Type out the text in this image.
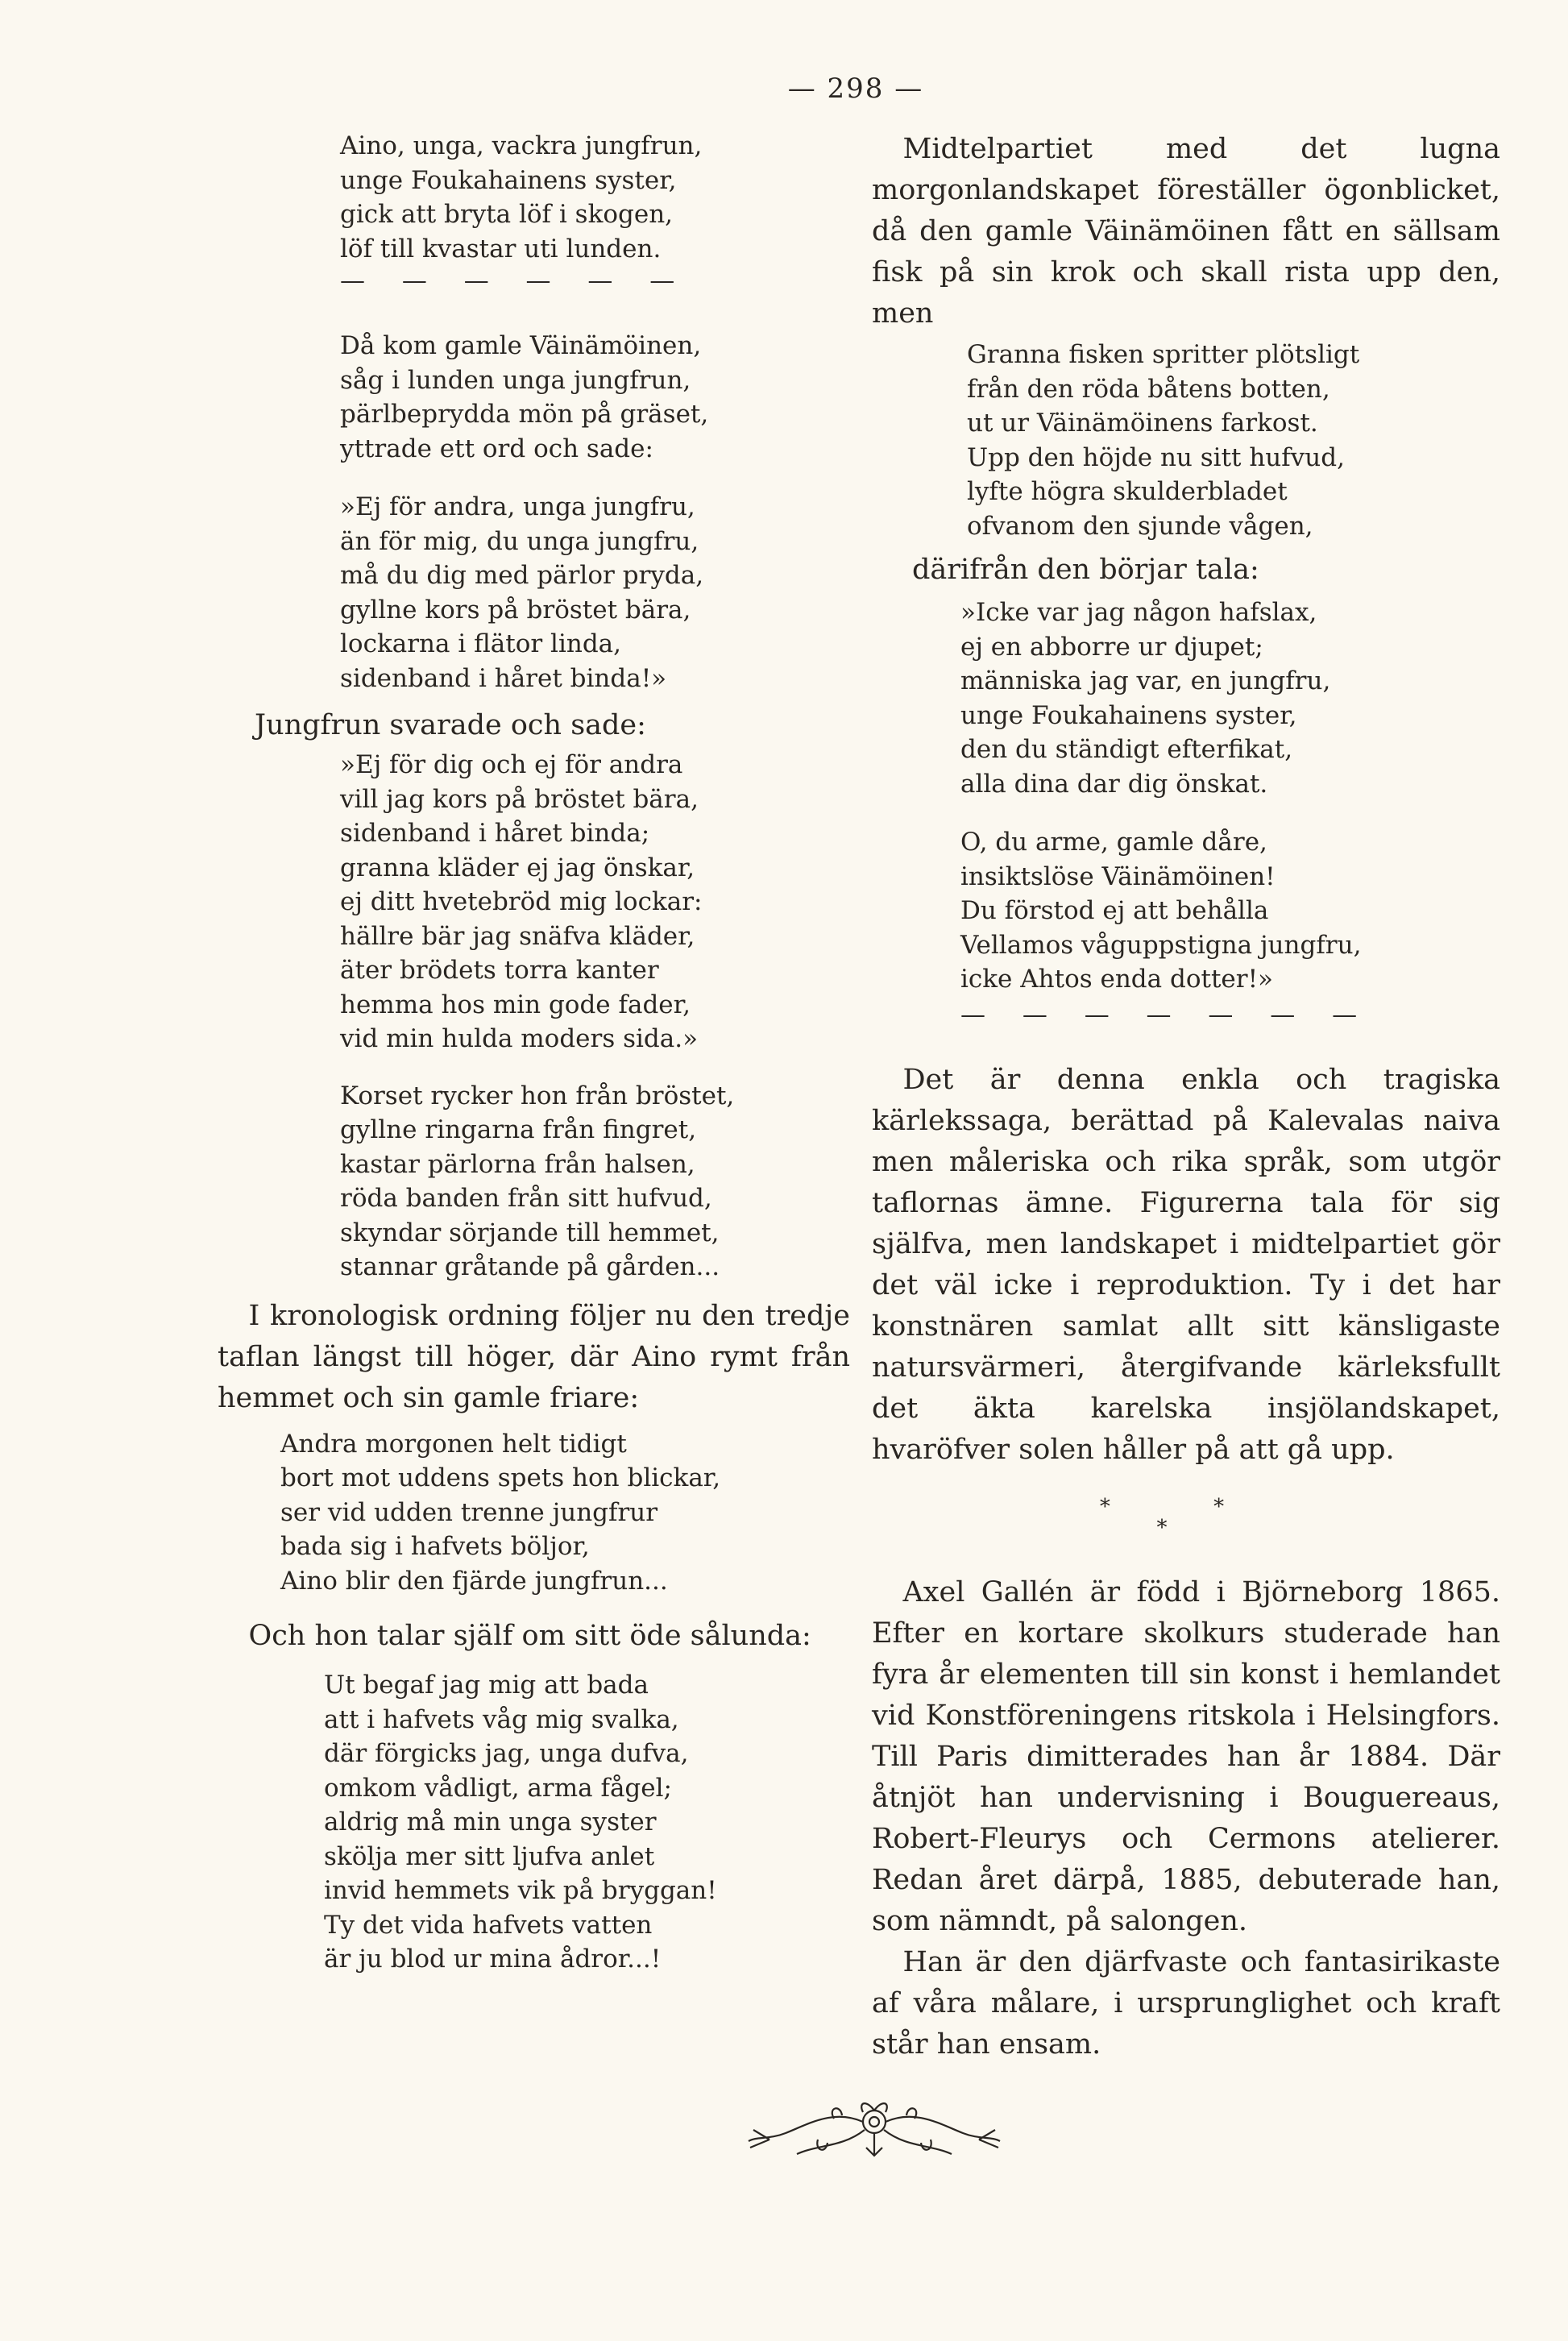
— 298 —
Aino, unga, vackra jungfrun,
unge Foukahainens syster,
gick att bryta löf i skogen,
löf till kvastar uti lunden.
— — — — — —
Då kom gamle Väinämöinen,
såg i lunden unga jungfrun,
pärlbeprydda mön på gräset,
yttrade ett ord och sade:
»Ej för andra, unga jungfru,
än för mig, du unga jungfru,
må du dig med pärlor pryda,
gyllne kors på bröstet bära,
lockarna i flätor linda,
sidenband i håret binda!»

Jungfrun svarade och sade:

»Ej för dig och ej för andra
vill jag kors på bröstet bära,
sidenband i håret binda;
granna kläder ej jag önskar,
ej ditt hvetebröd mig lockar:
hällre bär jag snäfva kläder,
äter brödets torra kanter
hemma hos min gode fader,
vid min hulda moders sida.»
Korset rycker hon från bröstet,
gyllne ringarna från fingret,
kastar pärlorna från halsen,
röda banden från sitt hufvud,
skyndar sörjande till hemmet,
stannar gråtande på gården...

I kronologisk ordning följer nu den tredje taflan längst till höger, där Aino rymt från hemmet och sin gamle friare:

Andra morgonen helt tidigt
bort mot uddens spets hon blickar,
ser vid udden trenne jungfrur
bada sig i hafvets böljor,
Aino blir den fjärde jungfrun...

Och hon talar själf om sitt öde sålunda:

Ut begaf jag mig att bada
att i hafvets våg mig svalka,
där förgicks jag, unga dufva,
omkom vådligt, arma fågel;
aldrig må min unga syster
skölja mer sitt ljufva anlet
invid hemmets vik på bryggan!
Ty det vida hafvets vatten
är ju blod ur mina ådror...!

Midtelpartiet med det lugna morgonlandskapet föreställer ögonblicket, då den gamle Väinämöinen fått en sällsam fisk på sin krok och skall rista upp den, men

Granna fisken spritter plötsligt
från den röda båtens botten,
ut ur Väinämöinens farkost.
Upp den höjde nu sitt hufvud,
lyfte högra skulderbladet
ofvanom den sjunde vågen,

därifrån den börjar tala:

»Icke var jag någon hafslax,
ej en abborre ur djupet;
människa jag var, en jungfru,
unge Foukahainens syster,
den du ständigt efterfikat,
alla dina dar dig önskat.
O, du arme, gamle dåre,
insiktslöse Väinämöinen!
Du förstod ej att behålla
Vellamos våguppstigna jungfru,
icke Ahtos enda dotter!»
— — — — — — —

Det är denna enkla och tragiska kärlekssaga, berättad på Kalevalas naiva men måleriska och rika språk, som utgör taflornas ämne. Figurerna tala för sig själfva, men landskapet i midtelpartiet gör det väl icke i reproduktion. Ty i det har konstnären samlat allt sitt känsligaste natursvärmeri, återgifvande kärleksfullt det äkta karelska insjölandskapet, hvaröfver solen håller på att gå upp.

* *
*

Axel Gallén är född i Björneborg 1865. Efter en kortare skolkurs studerade han fyra år elementen till sin konst i hemlandet vid Konstföreningens ritskola i Helsingfors. Till Paris dimitterades han år 1884. Där åtnjöt han undervisning i Bouguereaus, Robert-Fleurys och Cermons atelierer. Redan året därpå, 1885, debuterade han, som nämndt, på salongen.

Han är den djärfvaste och fantasirikaste af våra målare, i ursprunglighet och kraft står han ensam.
